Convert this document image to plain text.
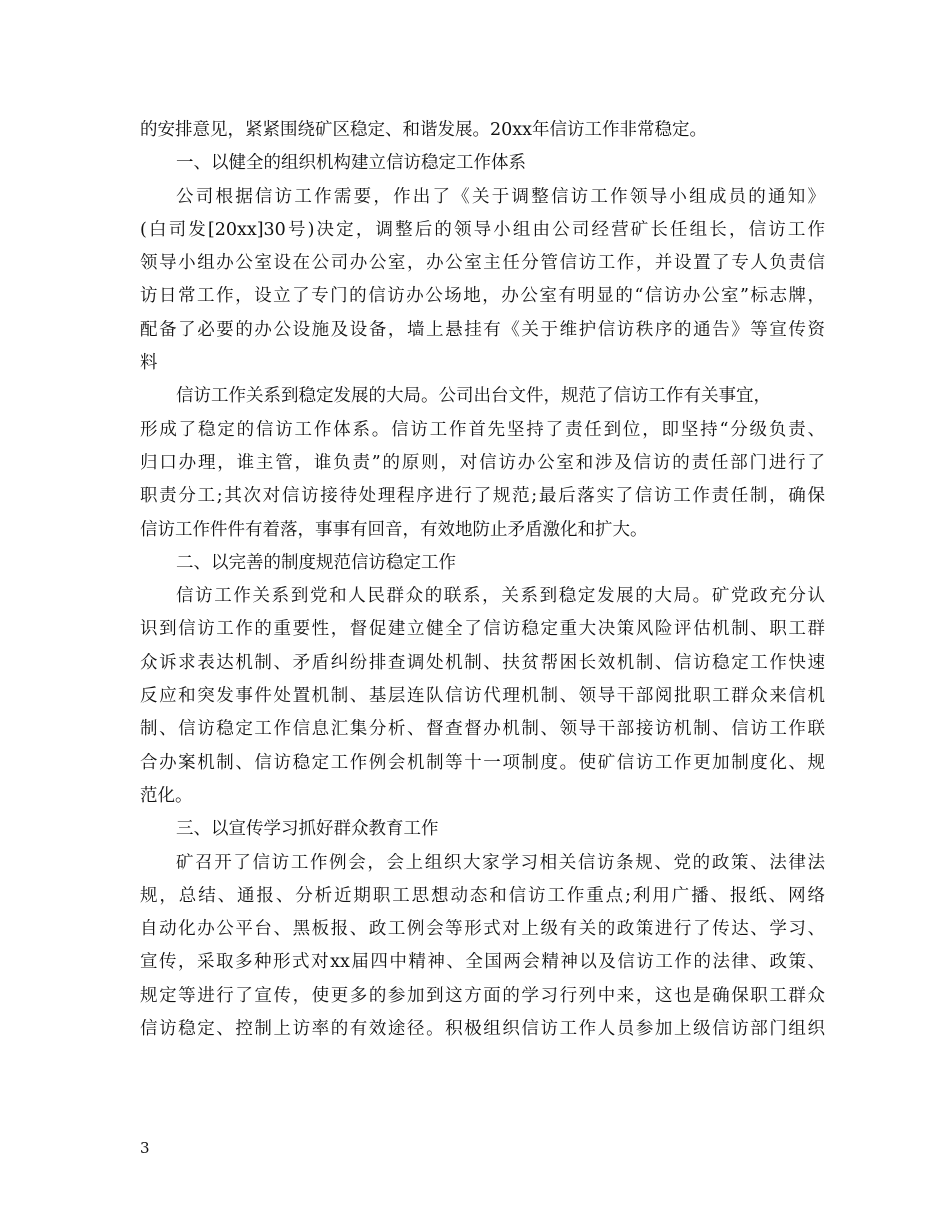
的安排意见，紧紧围绕矿区稳定、和谐发展。20xx年信访工作非常稳定。
一、以健全的组织机构建立信访稳定工作体系
公司根据信访工作需要，作出了《关于调整信访工作领导小组成员的通知》
(白司发[20xx]30号)决定，调整后的领导小组由公司经营矿长任组长，信访工作
领导小组办公室设在公司办公室，办公室主任分管信访工作，并设置了专人负责信
访日常工作，设立了专门的信访办公场地，办公室有明显的“信访办公室”标志牌，
配备了必要的办公设施及设备，墙上悬挂有《关于维护信访秩序的通告》等宣传资
料
信访工作关系到稳定发展的大局。公司出台文件，规范了信访工作有关事宜，
形成了稳定的信访工作体系。信访工作首先坚持了责任到位，即坚持“分级负责、
归口办理，谁主管，谁负责”的原则，对信访办公室和涉及信访的责任部门进行了
职责分工;其次对信访接待处理程序进行了规范;最后落实了信访工作责任制，确保
信访工作件件有着落，事事有回音，有效地防止矛盾激化和扩大。
二、以完善的制度规范信访稳定工作
信访工作关系到党和人民群众的联系，关系到稳定发展的大局。矿党政充分认
识到信访工作的重要性，督促建立健全了信访稳定重大决策风险评估机制、职工群
众诉求表达机制、矛盾纠纷排查调处机制、扶贫帮困长效机制、信访稳定工作快速
反应和突发事件处置机制、基层连队信访代理机制、领导干部阅批职工群众来信机
制、信访稳定工作信息汇集分析、督查督办机制、领导干部接访机制、信访工作联
合办案机制、信访稳定工作例会机制等十一项制度。使矿信访工作更加制度化、规
范化。
三、以宣传学习抓好群众教育工作
矿召开了信访工作例会，会上组织大家学习相关信访条规、党的政策、法律法
规，总结、通报、分析近期职工思想动态和信访工作重点;利用广播、报纸、网络
自动化办公平台、黑板报、政工例会等形式对上级有关的政策进行了传达、学习、
宣传，采取多种形式对xx届四中精神、全国两会精神以及信访工作的法律、政策、
规定等进行了宣传，使更多的参加到这方面的学习行列中来，这也是确保职工群众
信访稳定、控制上访率的有效途径。积极组织信访工作人员参加上级信访部门组织
3
